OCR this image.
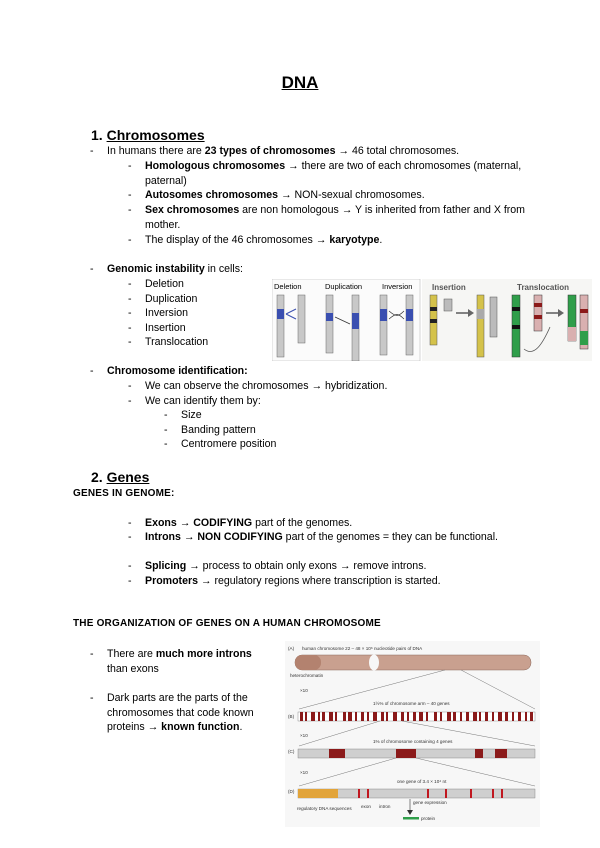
DNA
1. Chromosomes
- In humans there are 23 types of chromosomes → 46 total chromosomes.
- Homologous chromosomes → there are two of each chromosomes (maternal, paternal)
- Autosomes chromosomes → NON-sexual chromosomes.
- Sex chromosomes are non homologous → Y is inherited from father and X from mother.
- The display of the 46 chromosomes → karyotype.
- Genomic instability in cells:
- Deletion
- Duplication
- Inversion
- Insertion
- Translocation
Deletion	Duplication	Inversion Insertion	Translocation
- Chromosome identification:
- We can observe the chromosomes → hybridization.
- We can identify them by:
- Size
- Banding pattern
- Centromere position
2. Genes
GENES IN GENOME:
- Exons → CODIFYING part of the genomes.
- Introns → NON CODIFYING part of the genomes = they can be functional.
- Splicing → process to obtain only exons → remove introns.
- Promoters → regulatory regions where transcription is started.
THE ORGANIZATION OF GENES ON A HUMAN CHROMOSOME
- There are much more introns than exons
- Dark parts are the parts of the chromosomes that code known proteins → known function.
(A) human chromosome 22 – 48 × 10⁶ nucleotide pairs of DNA
heterochromatin
×10
(B)
1½% of chromosome arm – 40 genes
×10
(C)
1% of chromosome containing 4 genes
×10
(D)
one gene of 3.4 × 10⁴ nt
regulatory DNA sequences exon intron
gene expression
protein
